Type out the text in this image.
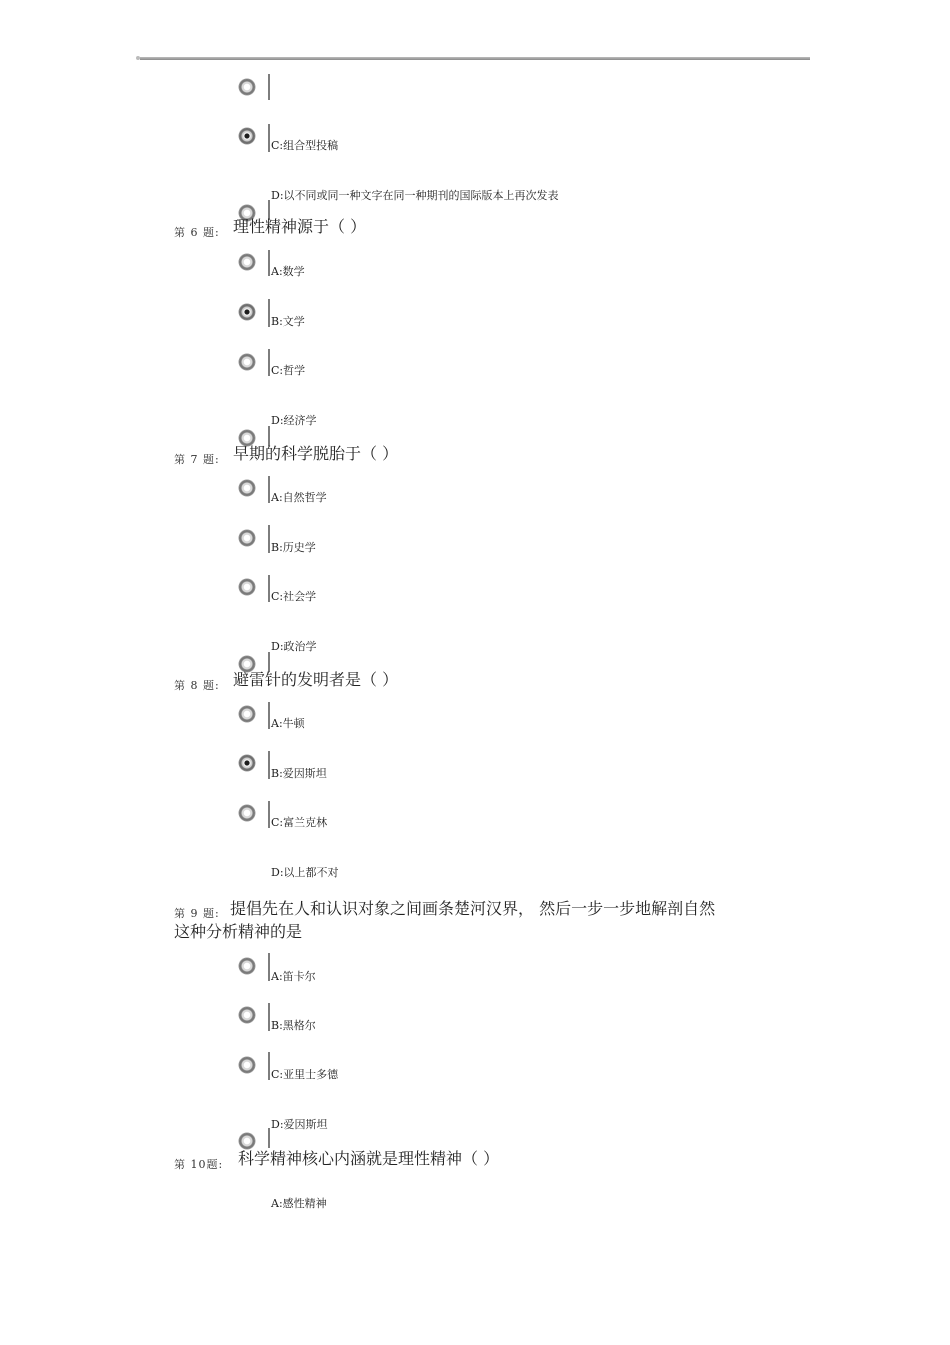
C:组合型投稿
D:以不同或同一种文字在同一种期刊的国际版本上再次发表
第 6 题: 理性精神源于（ ）
A:数学
B:文学
C:哲学
D:经济学
第 7 题: 早期的科学脱胎于（ ）
A:自然哲学
B:历史学
C:社会学
D:政治学
第 8 题: 避雷针的发明者是（ ）
A:牛顿
B:爱因斯坦
C:富兰克林
D:以上都不对
第 9 题: 提倡先在人和认识对象之间画条楚河汉界， 然后一步一步地解剖自然
这种分析精神的是
A:笛卡尔
B:黑格尔
C:亚里士多德
D:爱因斯坦
第 10题: 科学精神核心内涵就是理性精神（ ）
A:感性精神
